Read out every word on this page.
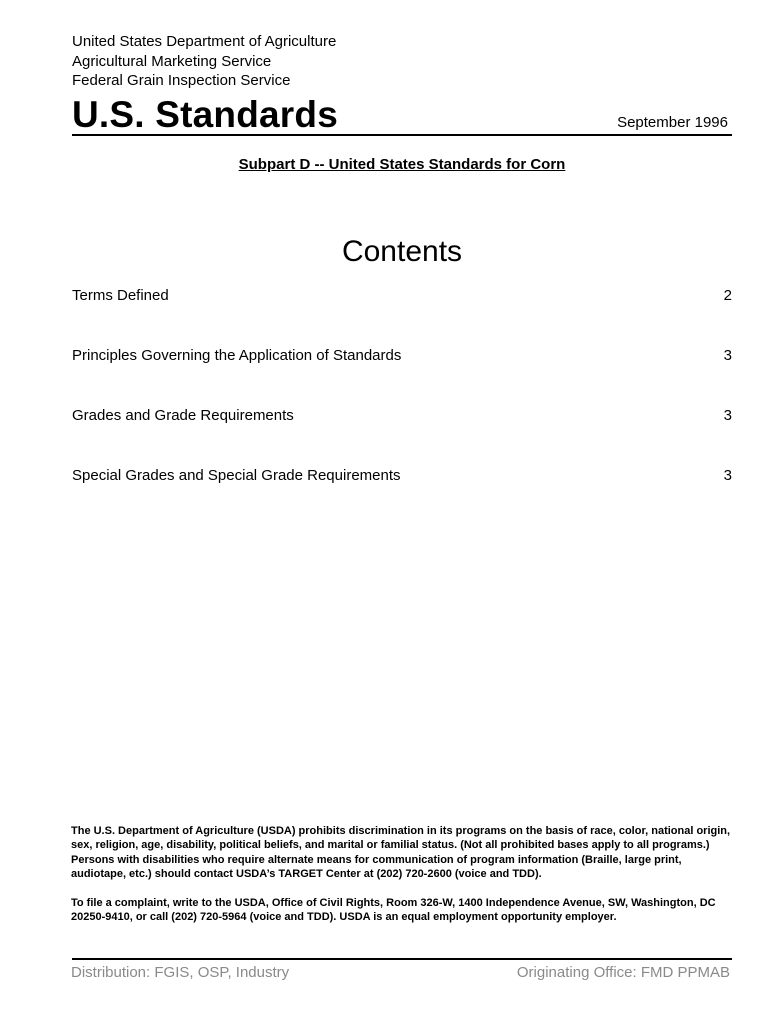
United States Department of Agriculture
Agricultural Marketing Service
Federal Grain Inspection Service
U.S. Standards	September 1996
Subpart D -- United States Standards for Corn
Contents
Terms Defined	2
Principles Governing the Application of Standards	3
Grades and Grade Requirements	3
Special Grades and Special Grade Requirements	3

The U.S. Department of Agriculture (USDA) prohibits discrimination in its programs on the basis of race, color, national origin, sex, religion, age, disability, political beliefs, and marital or familial status. (Not all prohibited bases apply to all programs.) Persons with disabilities who require alternate means for communication of program information (Braille, large print, audiotape, etc.) should contact USDA’s TARGET Center at (202) 720-2600 (voice and TDD).

To file a complaint, write to the USDA, Office of Civil Rights, Room 326-W, 1400 Independence Avenue, SW, Washington, DC 20250-9410, or call (202) 720-5964 (voice and TDD). USDA is an equal employment opportunity employer.

Distribution: FGIS, OSP, Industry	Originating Office: FMD PPMAB
